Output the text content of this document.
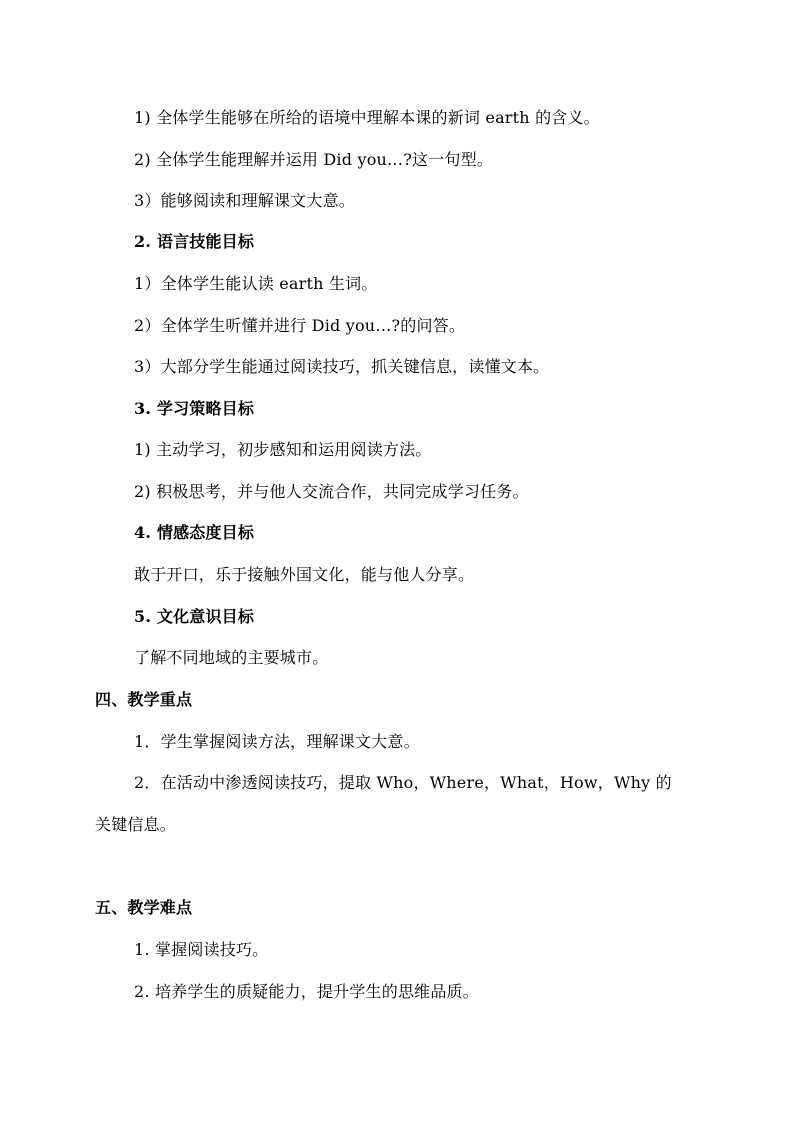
1) 全体学生能够在所给的语境中理解本课的新词 earth 的含义。
2) 全体学生能理解并运用 Did you…?这一句型。
3）能够阅读和理解课文大意。
2. 语言技能目标
1）全体学生能认读 earth 生词。
2）全体学生听懂并进行 Did you…?的问答。
3）大部分学生能通过阅读技巧，抓关键信息，读懂文本。
3. 学习策略目标
1) 主动学习，初步感知和运用阅读方法。
2) 积极思考，并与他人交流合作，共同完成学习任务。
4. 情感态度目标
敢于开口，乐于接触外国文化，能与他人分享。
5. 文化意识目标
了解不同地域的主要城市。
四、教学重点
1．学生掌握阅读方法，理解课文大意。
2．在活动中渗透阅读技巧，提取 Who，Where，What，How，Why 的
关键信息。
五、教学难点
1. 掌握阅读技巧。
2. 培养学生的质疑能力，提升学生的思维品质。
